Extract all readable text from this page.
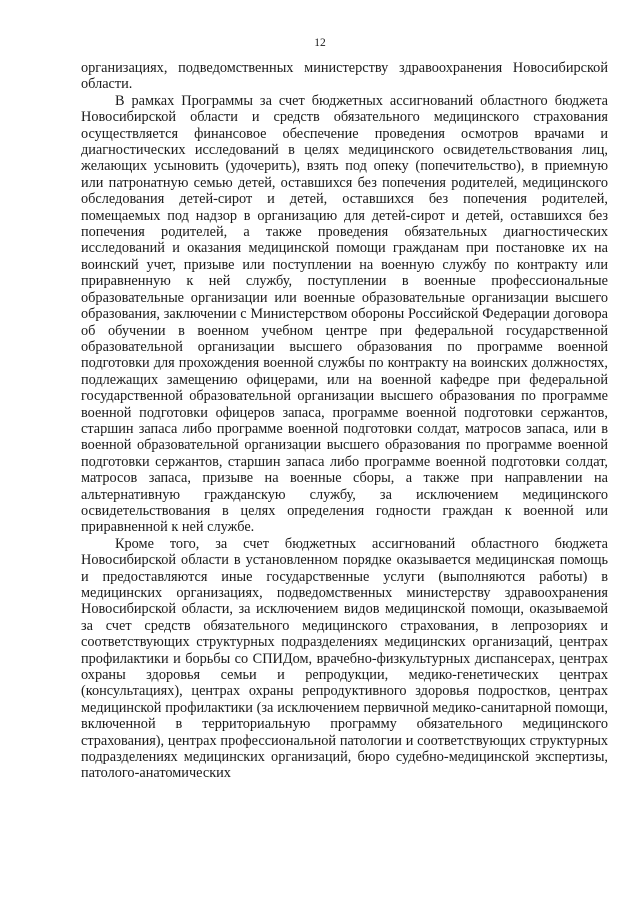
12

организациях, подведомственных министерству здравоохранения Новосибирской области.

В рамках Программы за счет бюджетных ассигнований областного бюджета Новосибирской области и средств обязательного медицинского страхования осуществляется финансовое обеспечение проведения осмотров врачами и диагностических исследований в целях медицинского освидетельствования лиц, желающих усыновить (удочерить), взять под опеку (попечительство), в приемную или патронатную семью детей, оставшихся без попечения родителей, медицинского обследования детей-сирот и детей, оставшихся без попечения родителей, помещаемых под надзор в организацию для детей-сирот и детей, оставшихся без попечения родителей, а также проведения обязательных диагностических исследований и оказания медицинской помощи гражданам при постановке их на воинский учет, призыве или поступлении на военную службу по контракту или приравненную к ней службу, поступлении в военные профессиональные образовательные организации или военные образовательные организации высшего образования, заключении с Министерством обороны Российской Федерации договора об обучении в военном учебном центре при федеральной государственной образовательной организации высшего образования по программе военной подготовки для прохождения военной службы по контракту на воинских должностях, подлежащих замещению офицерами, или на военной кафедре при федеральной государственной образовательной организации высшего образования по программе военной подготовки офицеров запаса, программе военной подготовки сержантов, старшин запаса либо программе военной подготовки солдат, матросов запаса, или в военной образовательной организации высшего образования по программе военной подготовки сержантов, старшин запаса либо программе военной подготовки солдат, матросов запаса, призыве на военные сборы, а также при направлении на альтернативную гражданскую службу, за исключением медицинского освидетельствования в целях определения годности граждан к военной или приравненной к ней службе.

Кроме того, за счет бюджетных ассигнований областного бюджета Новосибирской области в установленном порядке оказывается медицинская помощь и предоставляются иные государственные услуги (выполняются работы) в медицинских организациях, подведомственных министерству здравоохранения Новосибирской области, за исключением видов медицинской помощи, оказываемой за счет средств обязательного медицинского страхования, в лепрозориях и соответствующих структурных подразделениях медицинских организаций, центрах профилактики и борьбы со СПИДом, врачебно-физкультурных диспансерах, центрах охраны здоровья семьи и репродукции, медико-генетических центрах (консультациях), центрах охраны репродуктивного здоровья подростков, центрах медицинской профилактики (за исключением первичной медико-санитарной помощи, включенной в территориальную программу обязательного медицинского страхования), центрах профессиональной патологии и соответствующих структурных подразделениях медицинских организаций, бюро судебно-медицинской экспертизы, патолого-анатомических
